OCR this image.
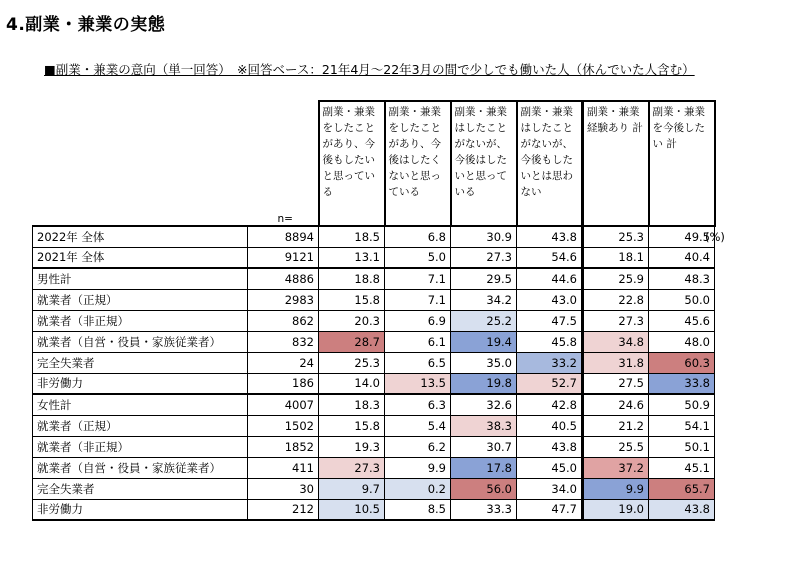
4.副業・兼業の実態
■副業・兼業の意向（単一回答）　※回答ベース：21年4月～22年3月の間で少しでも働いた人（休んでいた人含む）
(%)
	n=	副業・兼業をしたことがあり、今後もしたいと思っている	副業・兼業をしたことがあり、今後はしたくないと思っている	副業・兼業はしたことがないが、今後はしたいと思っている	副業・兼業はしたことがないが、今後もしたいとは思わない	副業・兼業経験あり 計	副業・兼業を今後したい 計
2022年 全体	8894	18.5	6.8	30.9	43.8	25.3	49.5
2021年 全体	9121	13.1	5.0	27.3	54.6	18.1	40.4
男性計	4886	18.8	7.1	29.5	44.6	25.9	48.3
就業者（正規）	2983	15.8	7.1	34.2	43.0	22.8	50.0
就業者（非正規）	862	20.3	6.9	25.2	47.5	27.3	45.6
就業者（自営・役員・家族従業者）	832	28.7	6.1	19.4	45.8	34.8	48.0
完全失業者	24	25.3	6.5	35.0	33.2	31.8	60.3
非労働力	186	14.0	13.5	19.8	52.7	27.5	33.8
女性計	4007	18.3	6.3	32.6	42.8	24.6	50.9
就業者（正規）	1502	15.8	5.4	38.3	40.5	21.2	54.1
就業者（非正規）	1852	19.3	6.2	30.7	43.8	25.5	50.1
就業者（自営・役員・家族従業者）	411	27.3	9.9	17.8	45.0	37.2	45.1
完全失業者	30	9.7	0.2	56.0	34.0	9.9	65.7
非労働力	212	10.5	8.5	33.3	47.7	19.0	43.8
